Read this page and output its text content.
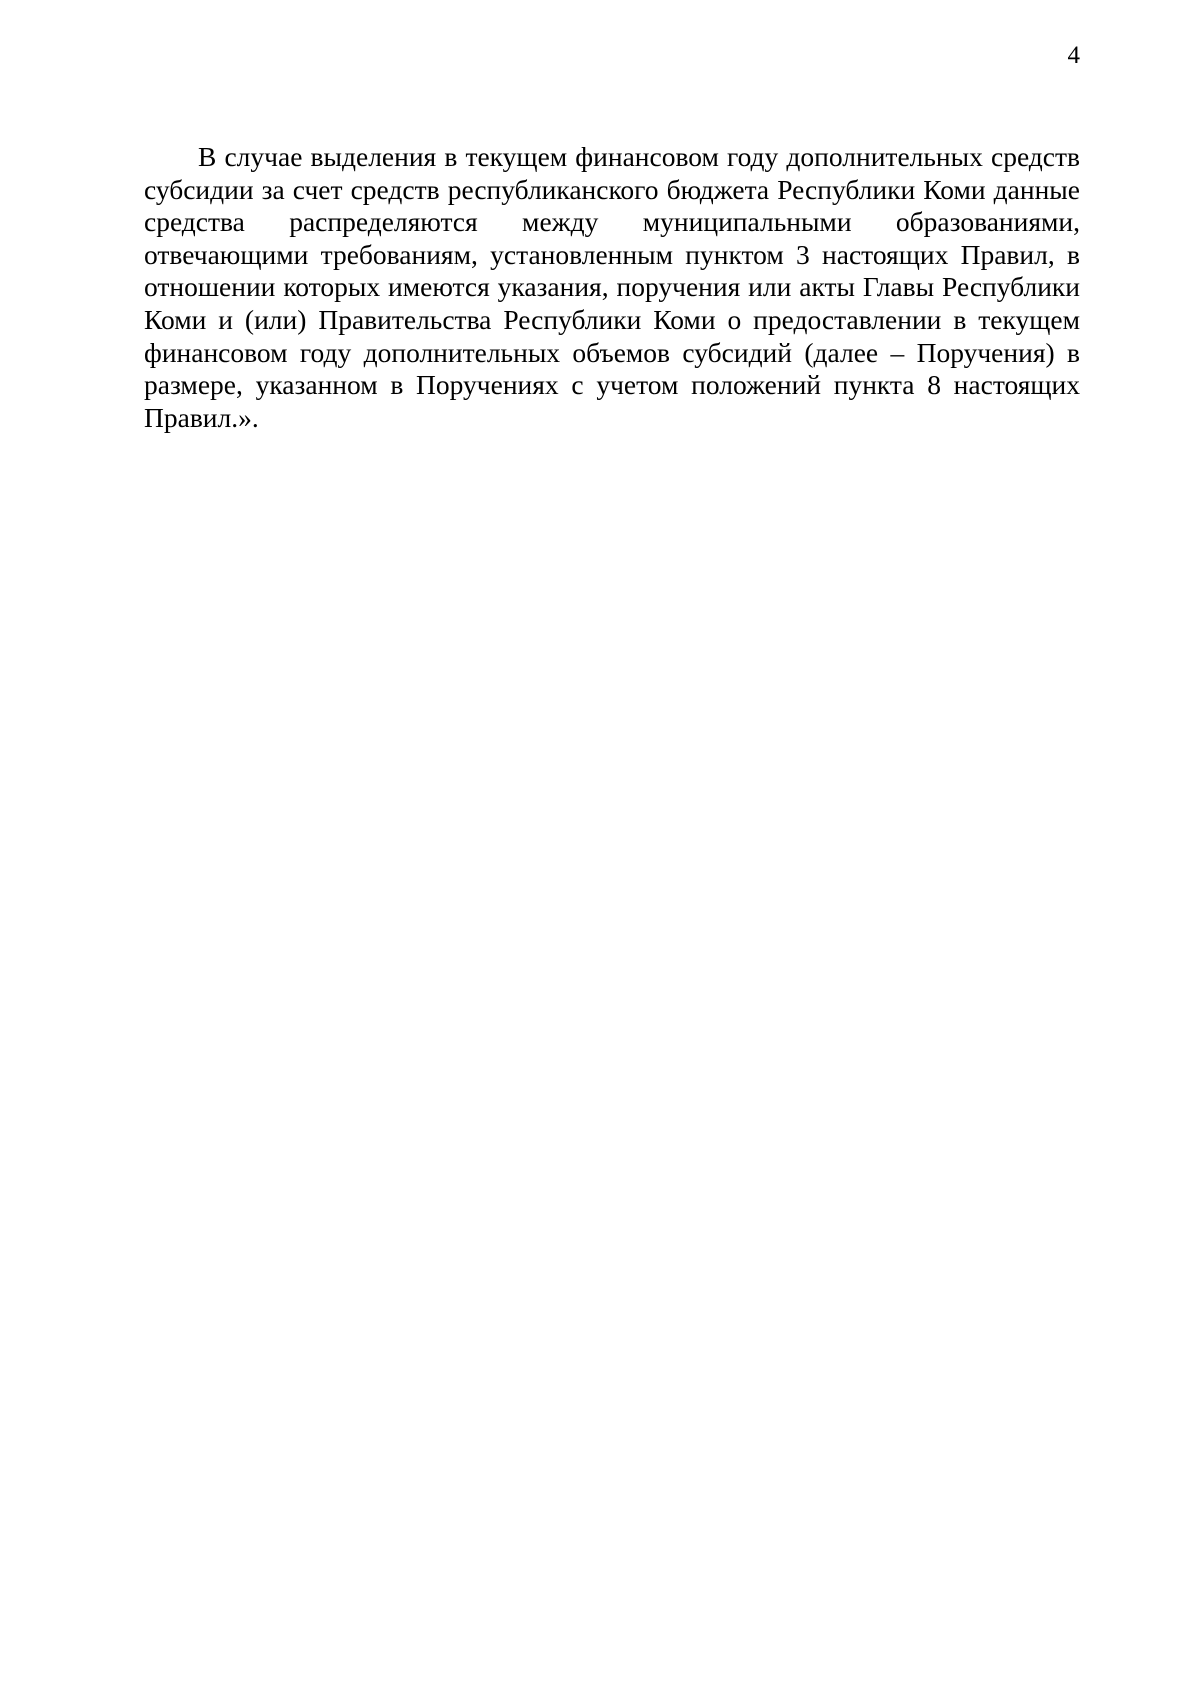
4

В случае выделения в текущем финансовом году дополнительных средств субсидии за счет средств республиканского бюджета Республики Коми данные средства распределяются между муниципальными образованиями, отвечающими требованиям, установленным пунктом 3 настоящих Правил, в отношении которых имеются указания, поручения или акты Главы Республики Коми и (или) Правительства Республики Коми о предоставлении в текущем финансовом году дополнительных объемов субсидий (далее – Поручения) в размере, указанном в Поручениях с учетом положений пункта 8 настоящих Правил.».
